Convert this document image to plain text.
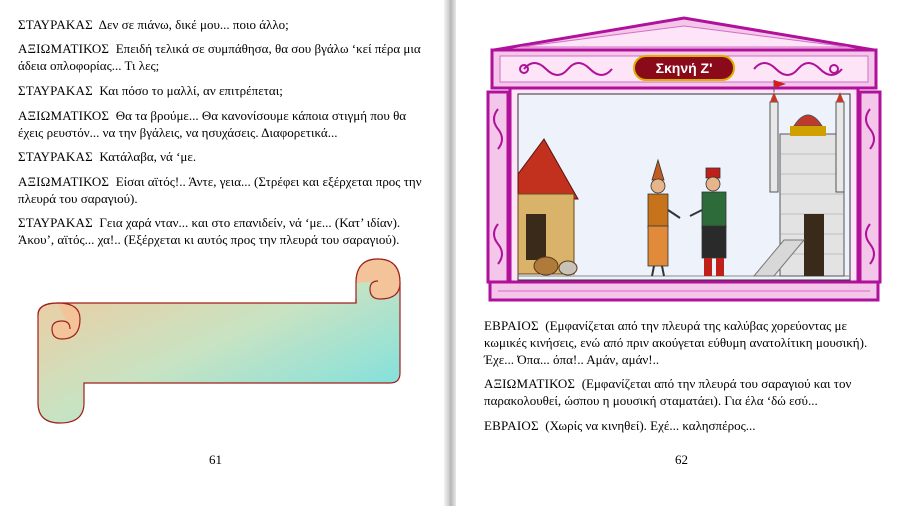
ΣΤΑΥΡΑΚΑΣ Δεν σε πιάνω, δικέ μου... ποιο άλλο;

ΑΞΙΩΜΑΤΙΚΟΣ Επειδή τελικά σε συμπάθησα, θα σου βγάλω ‘κεί πέρα μια άδεια οπλοφορίας... Τι λες;

ΣΤΑΥΡΑΚΑΣ Και πόσο το μαλλί, αν επιτρέπεται;

ΑΞΙΩΜΑΤΙΚΟΣ Θα τα βρούμε... Θα κανονίσουμε κάποια στιγμή που θα έχεις ρευστόν... να την βγάλεις, να ησυχάσεις. Διαφορετικά...

ΣΤΑΥΡΑΚΑΣ Κατάλαβα, νά ‘με.

ΑΞΙΩΜΑΤΙΚΟΣ Είσαι αϊτός!.. Άντε, γεια... (Στρέφει και εξέρχεται προς την πλευρά του σαραγιού).

ΣΤΑΥΡΑΚΑΣ Γεια χαρά νταν... και στο επανιδείν, νά ‘με... (Κατ’ ιδίαν). Άκου’, αϊτός... χα!.. (Εξέρχεται κι αυτός προς την πλευρά του σαραγιού).

61
Σκηνή Ζ'

ΕΒΡΑΙΟΣ (Εμφανίζεται από την πλευρά της καλύβας χορεύοντας με κωμικές κινήσεις, ενώ από πριν ακούγεται εύθυμη ανατολίτικη μουσική). Έχε... Όπα... όπα!.. Αμάν, αμάν!..

ΑΞΙΩΜΑΤΙΚΟΣ (Εμφανίζεται από την πλευρά του σαραγιού και τον παρακολουθεί, ώσπου η μουσική σταματάει). Για έλα ‘δώ εσύ...

ΕΒΡΑΙΟΣ (Χωρίς να κινηθεί). Εχέ... καλησπέρος...

62
